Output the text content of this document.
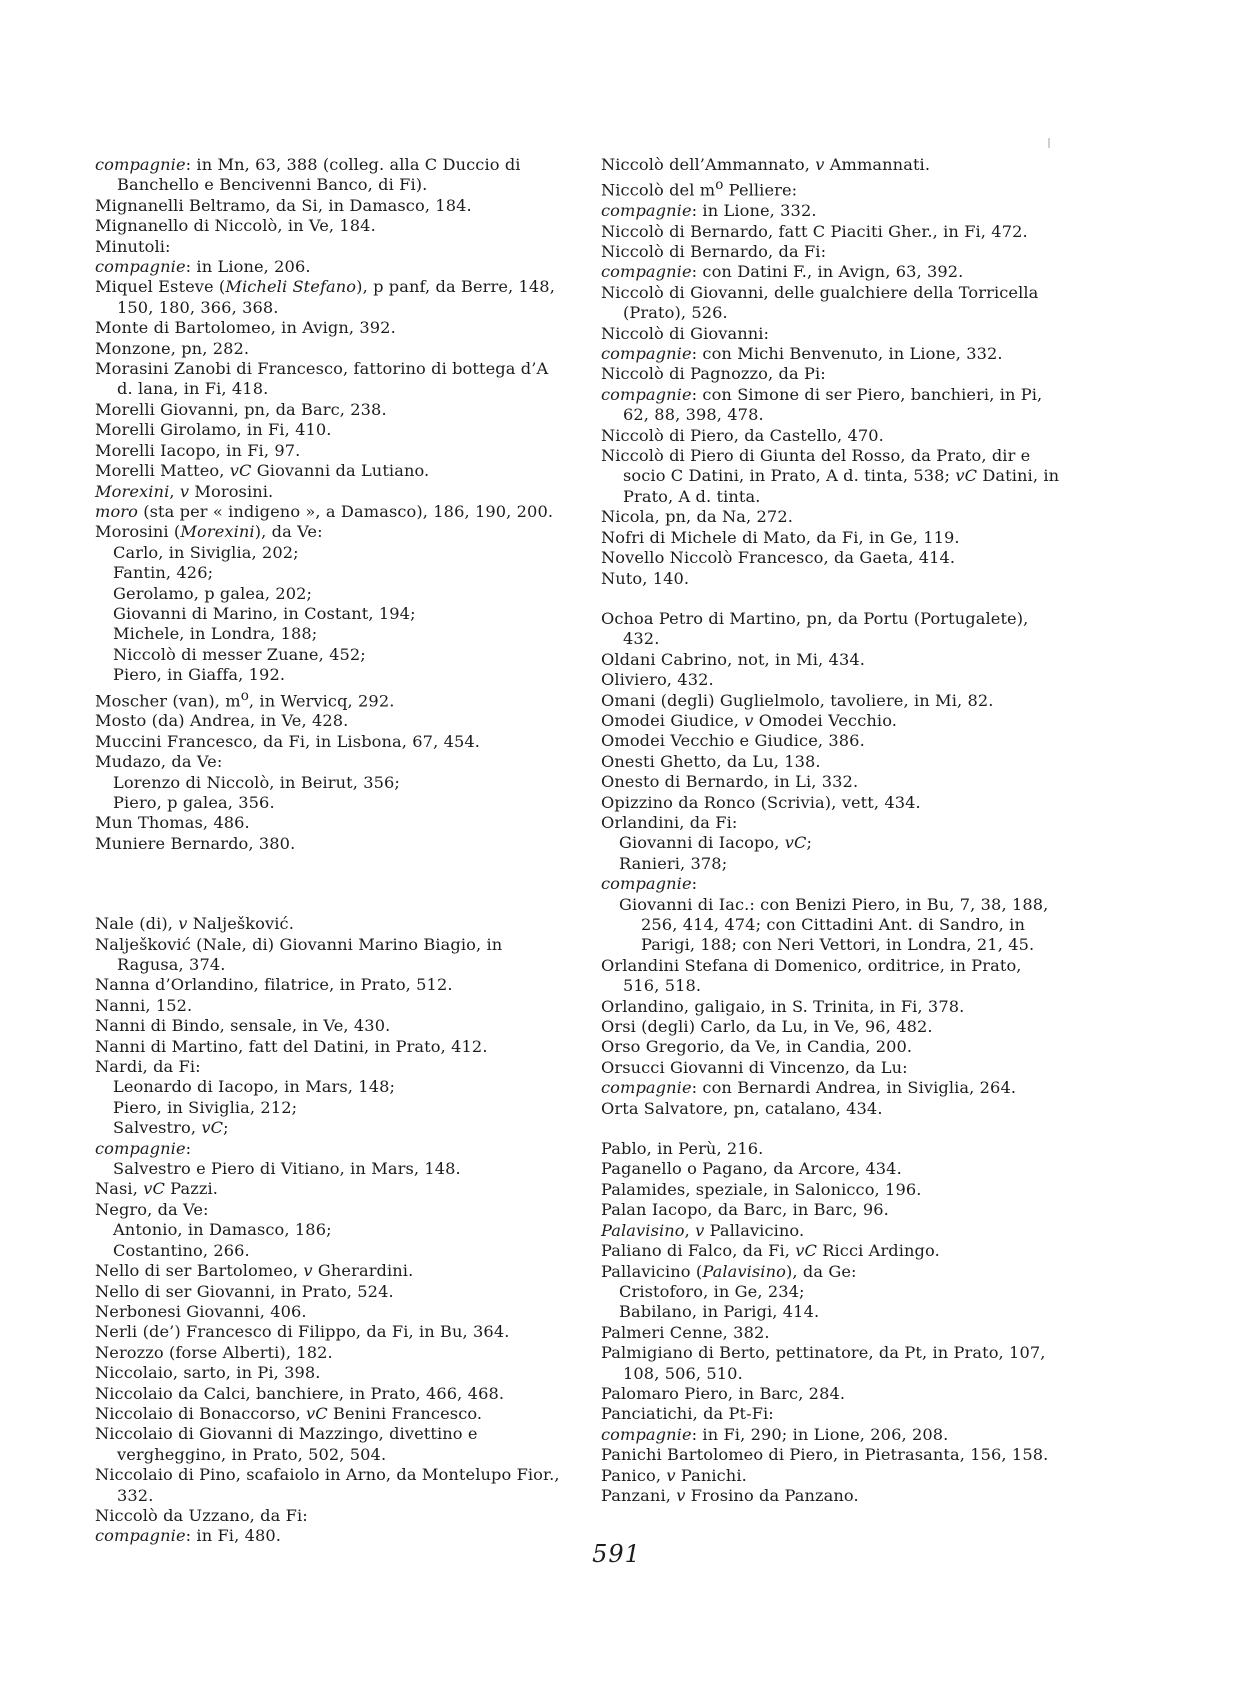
compagnie: in Mn, 63, 388 (colleg. alla C Duccio di Banchello e Bencivenni Banco, di Fi).
Mignanelli Beltramo, da Si, in Damasco, 184.
Mignanello di Niccolò, in Ve, 184.
Minutoli:
compagnie: in Lione, 206.
Miquel Esteve (Micheli Stefano), p panf, da Berre, 148, 150, 180, 366, 368.
Monte di Bartolomeo, in Avign, 392.
Monzone, pn, 282.
Morasini Zanobi di Francesco, fattorino di bottega d’A d. lana, in Fi, 418.
Morelli Giovanni, pn, da Barc, 238.
Morelli Girolamo, in Fi, 410.
Morelli Iacopo, in Fi, 97.
Morelli Matteo, vC Giovanni da Lutiano.
Morexini, v Morosini.
moro (sta per « indigeno », a Damasco), 186, 190, 200.
Morosini (Morexini), da Ve:
Carlo, in Siviglia, 202;
Fantin, 426;
Gerolamo, p galea, 202;
Giovanni di Marino, in Costant, 194;
Michele, in Londra, 188;
Niccolò di messer Zuane, 452;
Piero, in Giaffa, 192.
Moscher (van), $m^o$, in Wervicq, 292.
Mosto (da) Andrea, in Ve, 428.
Muccini Francesco, da Fi, in Lisbona, 67, 454.
Mudazo, da Ve:
Lorenzo di Niccolò, in Beirut, 356;
Piero, p galea, 356.
Mun Thomas, 486.
Muniere Bernardo, 380.
Nale (di), v Nalješković.
Nalješković (Nale, di) Giovanni Marino Biagio, in Ragusa, 374.
Nanna d’Orlandino, filatrice, in Prato, 512.
Nanni, 152.
Nanni di Bindo, sensale, in Ve, 430.
Nanni di Martino, fatt del Datini, in Prato, 412.
Nardi, da Fi:
Leonardo di Iacopo, in Mars, 148;
Piero, in Siviglia, 212;
Salvestro, vC;
compagnie:
Salvestro e Piero di Vitiano, in Mars, 148.
Nasi, vC Pazzi.
Negro, da Ve:
Antonio, in Damasco, 186;
Costantino, 266.
Nello di ser Bartolomeo, v Gherardini.
Nello di ser Giovanni, in Prato, 524.
Nerbonesi Giovanni, 406.
Nerli (de’) Francesco di Filippo, da Fi, in Bu, 364.
Nerozzo (forse Alberti), 182.
Niccolaio, sarto, in Pi, 398.
Niccolaio da Calci, banchiere, in Prato, 466, 468.
Niccolaio di Bonaccorso, vC Benini Francesco.
Niccolaio di Giovanni di Mazzingo, divettino e vergheggino, in Prato, 502, 504.
Niccolaio di Pino, scafaiolo in Arno, da Montelupo Fior., 332.
Niccolò da Uzzano, da Fi:
compagnie: in Fi, 480.
Niccolò dell’Ammannato, v Ammannati.
Niccolò del $m^o$ Pelliere:
compagnie: in Lione, 332.
Niccolò di Bernardo, fatt C Piaciti Gher., in Fi, 472.
Niccolò di Bernardo, da Fi:
compagnie: con Datini F., in Avign, 63, 392.
Niccolò di Giovanni, delle gualchiere della Torricella (Prato), 526.
Niccolò di Giovanni:
compagnie: con Michi Benvenuto, in Lione, 332.
Niccolò di Pagnozzo, da Pi:
compagnie: con Simone di ser Piero, banchieri, in Pi, 62, 88, 398, 478.
Niccolò di Piero, da Castello, 470.
Niccolò di Piero di Giunta del Rosso, da Prato, dir e socio C Datini, in Prato, A d. tinta, 538; vC Datini, in Prato, A d. tinta.
Nicola, pn, da Na, 272.
Nofri di Michele di Mato, da Fi, in Ge, 119.
Novello Niccolò Francesco, da Gaeta, 414.
Nuto, 140.
Ochoa Petro di Martino, pn, da Portu (Portugalete), 432.
Oldani Cabrino, not, in Mi, 434.
Oliviero, 432.
Omani (degli) Guglielmolo, tavoliere, in Mi, 82.
Omodei Giudice, v Omodei Vecchio.
Omodei Vecchio e Giudice, 386.
Onesti Ghetto, da Lu, 138.
Onesto di Bernardo, in Li, 332.
Opizzino da Ronco (Scrivia), vett, 434.
Orlandini, da Fi:
Giovanni di Iacopo, vC;
Ranieri, 378;
compagnie:
Giovanni di Iac.: con Benizi Piero, in Bu, 7, 38, 188, 256, 414, 474; con Cittadini Ant. di Sandro, in Parigi, 188; con Neri Vettori, in Londra, 21, 45.
Orlandini Stefana di Domenico, orditrice, in Prato, 516, 518.
Orlandino, galigaio, in S. Trinita, in Fi, 378.
Orsi (degli) Carlo, da Lu, in Ve, 96, 482.
Orso Gregorio, da Ve, in Candia, 200.
Orsucci Giovanni di Vincenzo, da Lu:
compagnie: con Bernardi Andrea, in Siviglia, 264.
Orta Salvatore, pn, catalano, 434.
Pablo, in Perù, 216.
Paganello o Pagano, da Arcore, 434.
Palamides, speziale, in Salonicco, 196.
Palan Iacopo, da Barc, in Barc, 96.
Palavisino, v Pallavicino.
Paliano di Falco, da Fi, vC Ricci Ardingo.
Pallavicino (Palavisino), da Ge:
Cristoforo, in Ge, 234;
Babilano, in Parigi, 414.
Palmeri Cenne, 382.
Palmigiano di Berto, pettinatore, da Pt, in Prato, 107, 108, 506, 510.
Palomaro Piero, in Barc, 284.
Panciatichi, da Pt-Fi:
compagnie: in Fi, 290; in Lione, 206, 208.
Panichi Bartolomeo di Piero, in Pietrasanta, 156, 158.
Panico, v Panichi.
Panzani, v Frosino da Panzano.
591
